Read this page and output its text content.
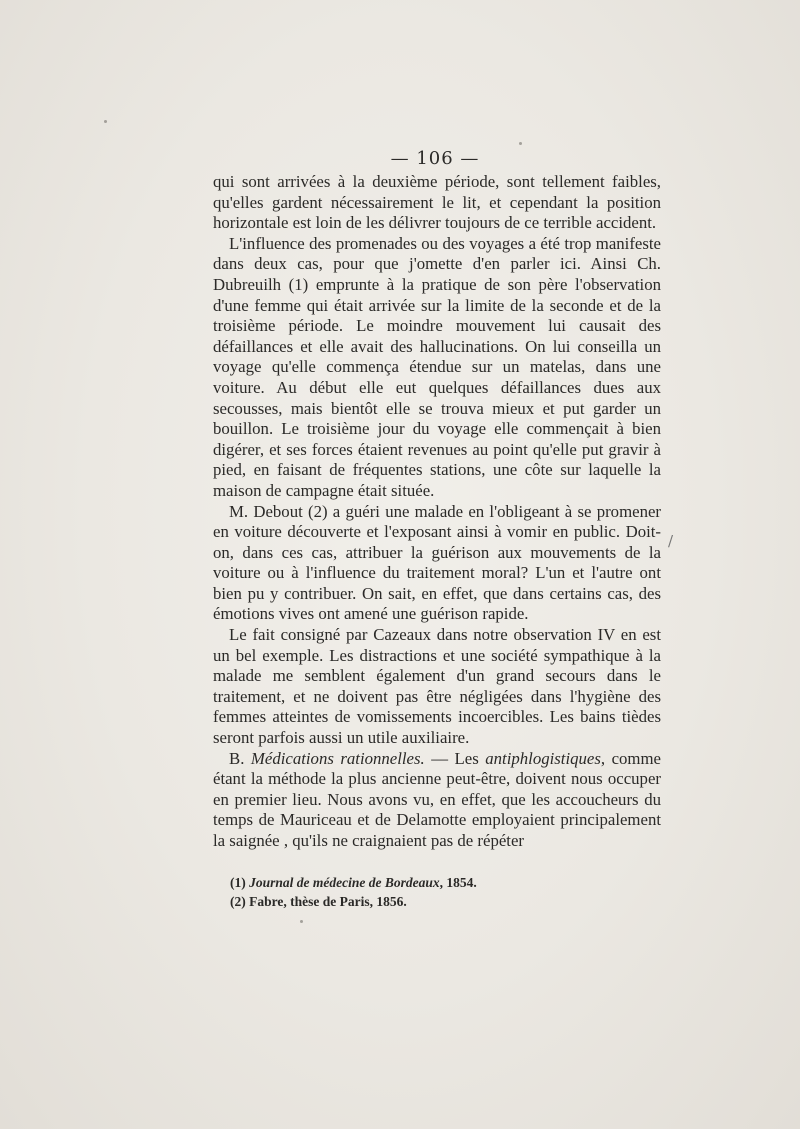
— 106 —

qui sont arrivées à la deuxième période, sont tellement faibles, qu'elles gardent nécessairement le lit, et cependant la position horizontale est loin de les délivrer toujours de ce terrible accident.

L'influence des promenades ou des voyages a été trop manifeste dans deux cas, pour que j'omette d'en parler ici. Ainsi Ch. Dubreuilh (1) emprunte à la pratique de son père l'observation d'une femme qui était arrivée sur la limite de la seconde et de la troisième période. Le moindre mouvement lui causait des défaillances et elle avait des hallucinations. On lui conseilla un voyage qu'elle commença étendue sur un matelas, dans une voiture. Au début elle eut quelques défaillances dues aux secousses, mais bientôt elle se trouva mieux et put garder un bouillon. Le troisième jour du voyage elle commençait à bien digérer, et ses forces étaient revenues au point qu'elle put gravir à pied, en faisant de fréquentes stations, une côte sur laquelle la maison de campagne était située.

M. Debout (2) a guéri une malade en l'obligeant à se promener en voiture découverte et l'exposant ainsi à vomir en public. Doit-on, dans ces cas, attribuer la guérison aux mouvements de la voiture ou à l'influence du traitement moral? L'un et l'autre ont bien pu y contribuer. On sait, en effet, que dans certains cas, des émotions vives ont amené une guérison rapide.

Le fait consigné par Cazeaux dans notre observation IV en est un bel exemple. Les distractions et une société sympathique à la malade me semblent également d'un grand secours dans le traitement, et ne doivent pas être négligées dans l'hygiène des femmes atteintes de vomissements incoercibles. Les bains tièdes seront parfois aussi un utile auxiliaire.

B. Médications rationnelles. — Les antiphlogistiques, comme étant la méthode la plus ancienne peut-être, doivent nous occuper en premier lieu. Nous avons vu, en effet, que les accoucheurs du temps de Mauriceau et de Delamotte employaient principalement la saignée , qu'ils ne craignaient pas de répéter

/

(1) Journal de médecine de Bordeaux, 1854.

(2) Fabre, thèse de Paris, 1856.
